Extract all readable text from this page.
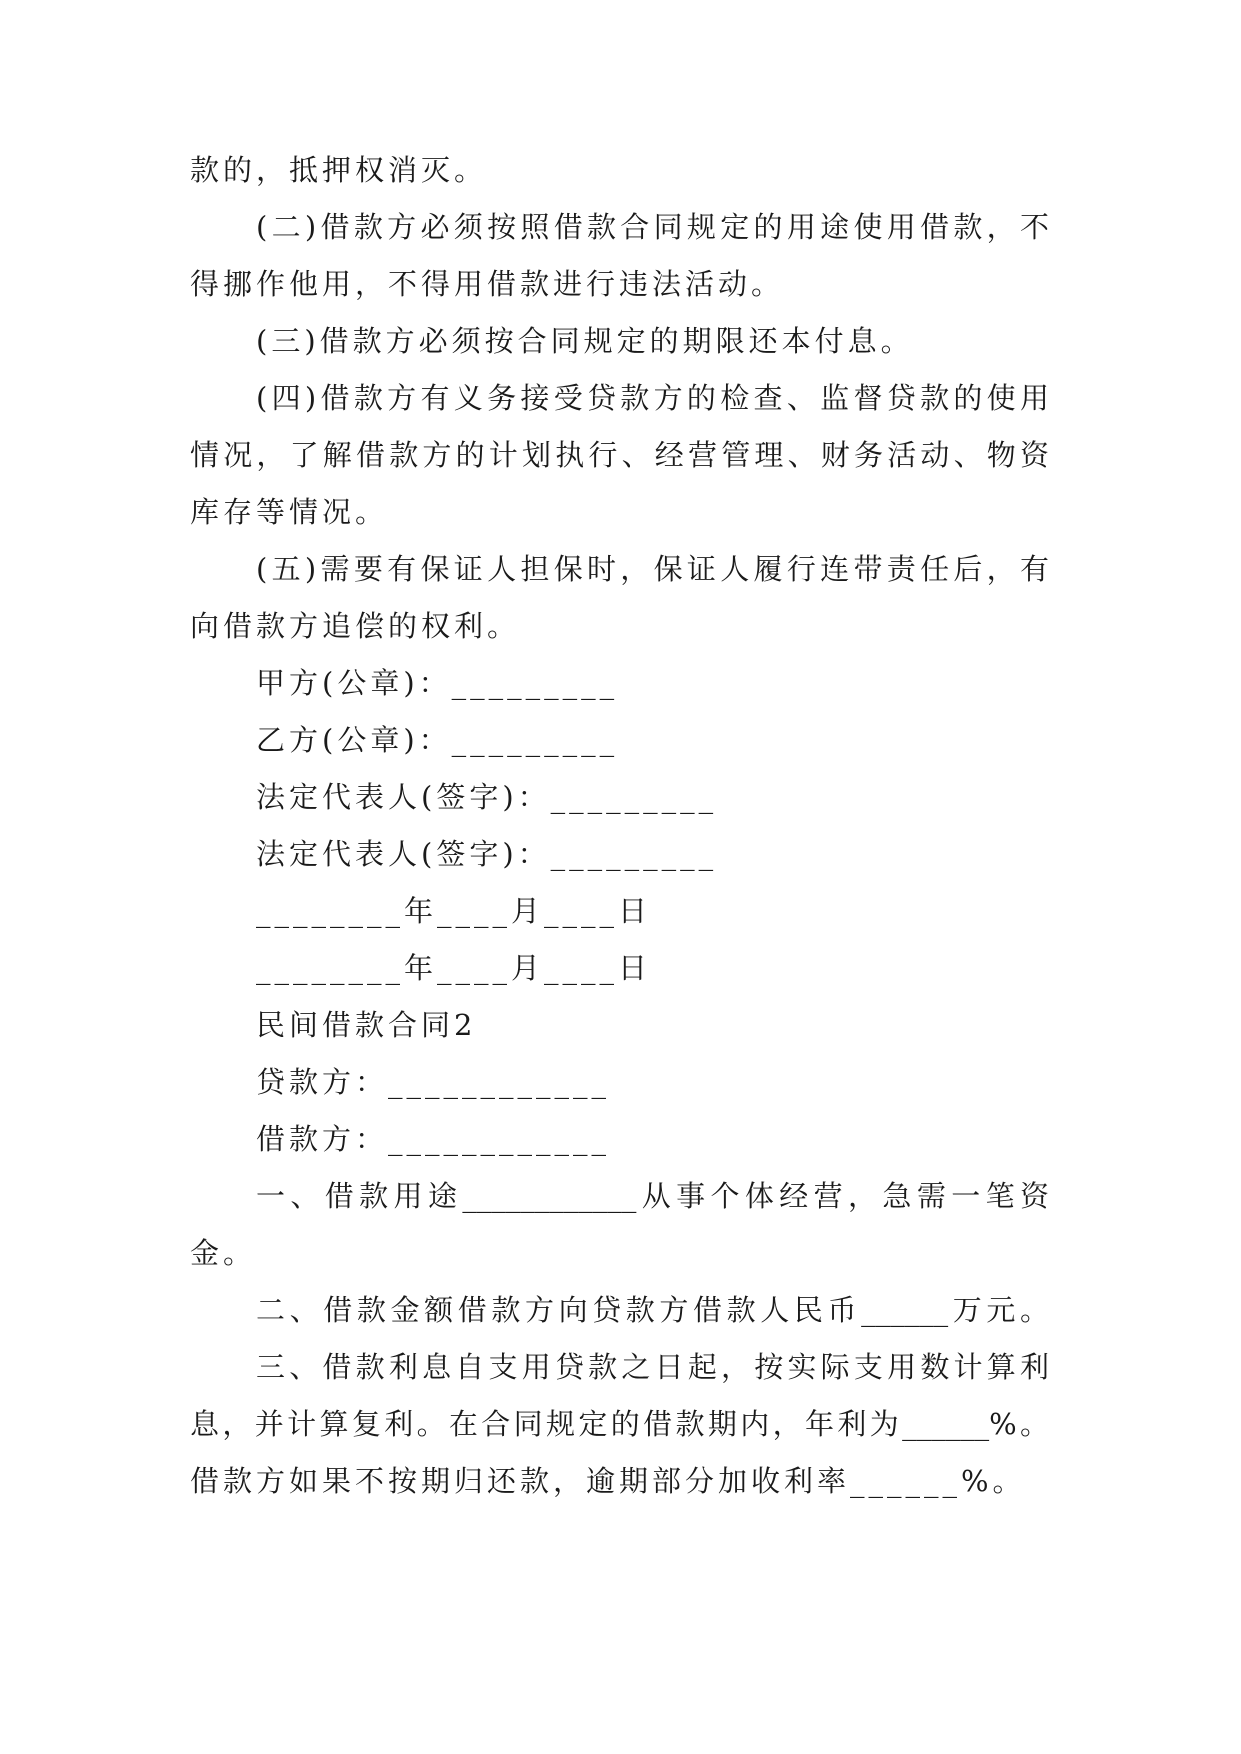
款的，抵押权消灭。
(二)借款方必须按照借款合同规定的用途使用借款，不
得挪作他用，不得用借款进行违法活动。
(三)借款方必须按合同规定的期限还本付息。
(四)借款方有义务接受贷款方的检查、监督贷款的使用
情况，了解借款方的计划执行、经营管理、财务活动、物资
库存等情况。
(五)需要有保证人担保时，保证人履行连带责任后，有
向借款方追偿的权利。
甲方(公章)：_________
乙方(公章)：_________
法定代表人(签字)：_________
法定代表人(签字)：_________
________年____月____日
________年____月____日
民间借款合同2
贷款方：____________
借款方：____________
一、借款用途____________从事个体经营，急需一笔资
金。
二、借款金额借款方向贷款方借款人民币______万元。
三、借款利息自支用贷款之日起，按实际支用数计算利
息，并计算复利。在合同规定的借款期内，年利为______%。
借款方如果不按期归还款，逾期部分加收利率______%。
